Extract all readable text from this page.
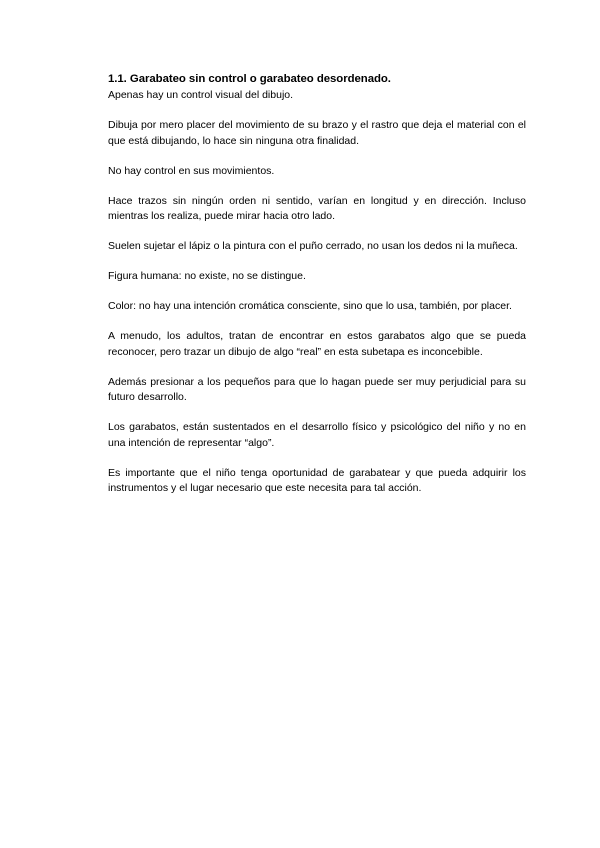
1.1. Garabateo sin control o garabateo desordenado.

Apenas hay un control visual del dibujo.

Dibuja por mero placer del movimiento de su brazo y el rastro que deja el material con el que está dibujando, lo hace sin ninguna otra finalidad.

No hay control en sus movimientos.

Hace trazos sin ningún orden ni sentido, varían en longitud y en dirección. Incluso mientras los realiza, puede mirar hacia otro lado.

Suelen sujetar el lápiz o la pintura con el puño cerrado, no usan los dedos ni la muñeca.

Figura humana: no existe, no se distingue.

Color: no hay una intención cromática consciente, sino que lo usa, también, por placer.

A menudo, los adultos, tratan de encontrar en estos garabatos algo que se pueda reconocer, pero trazar un dibujo de algo “real” en esta subetapa es inconcebible.

Además presionar a los pequeños para que lo hagan puede ser muy perjudicial para su futuro desarrollo.

Los garabatos, están sustentados en el desarrollo físico y psicológico del niño y no en una intención de representar “algo”.

Es importante que el niño tenga oportunidad de garabatear y que pueda adquirir los instrumentos y el lugar necesario que este necesita para tal acción.
